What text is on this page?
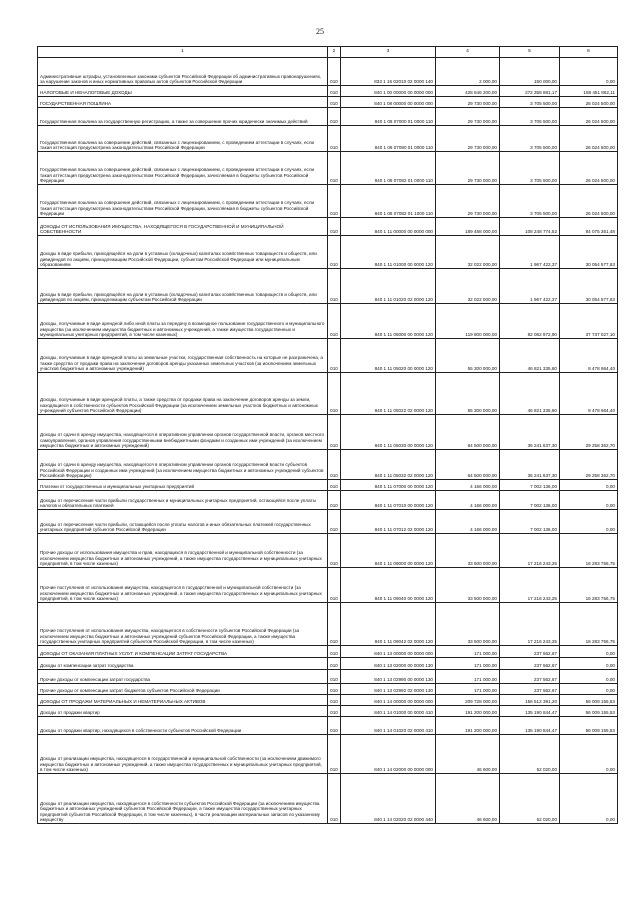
25
1	2	3	4	5	6
Административные штрафы, установленные законами субъектов Российской Федерации об административных правонарушениях, за нарушение законов и иных нормативных правовых актов субъектов Российской Федерации	010	833 1 16 02010 02 0000 140	2 000,00	150 000,00	0,00
НАЛОГОВЫЕ И НЕНАЛОГОВЫЕ ДОХОДЫ	010	840 1 00 00000 00 0000 000	428 646 200,00	272 358 881,17	168 451 862,11
ГОСУДАРСТВЕННАЯ ПОШЛИНА	010	840 1 08 00000 00 0000 000	29 730 000,00	3 705 500,00	26 024 500,00
Государственная пошлина за государственную регистрацию, а также за совершение прочих юридически значимых действий	010	840 1 08 07000 01 0000 110	29 730 000,00	3 705 500,00	26 024 500,00
Государственная пошлина за совершение действий, связанных с лицензированием, с проведением аттестации в случаях, если такая аттестация предусмотрена законодательством Российской Федерации	010	840 1 08 07080 01 0000 110	29 730 000,00	3 705 500,00	26 024 500,00
Государственная пошлина за совершение действий, связанных с лицензированием, с проведением аттестации в случаях, если такая аттестация предусмотрена законодательством Российской Федерации, зачисляемая в бюджеты субъектов Российской Федерации	010	840 1 08 07082 01 0000 110	29 730 000,00	3 705 500,00	26 024 500,00
Государственная пошлина за совершение действий, связанных с лицензированием, с проведением аттестации в случаях, если такая аттестация предусмотрена законодательством Российской Федерации, зачисляемая в бюджеты субъектов Российской Федерации	010	840 1 08 07082 01 1000 110	29 730 000,00	3 705 500,00	26 024 500,00
ДОХОДЫ ОТ ИСПОЛЬЗОВАНИЯ ИМУЩЕСТВА, НАХОДЯЩЕГОСЯ В ГОСУДАРСТВЕННОЙ И МУНИЦИПАЛЬНОЙ СОБСТВЕННОСТИ	010	840 1 11 00000 00 0000 000	189 488 000,00	108 248 774,52	84 075 361,48
Доходы в виде прибыли, приходящейся на доли в уставных (складочных) капиталах хозяйственных товариществ и обществ, или дивидендов по акциям, принадлежащим Российской Федерации, субъектам Российской Федерации или муниципальным образованиям	010	840 1 11 01000 00 0000 120	32 022 000,00	1 967 422,37	30 054 577,63
Доходы в виде прибыли, приходящейся на доли в уставных (складочных) капиталах хозяйственных товариществ и обществ, или дивидендов по акциям, принадлежащим субъектам Российской Федерации	010	840 1 11 01020 02 0000 120	32 022 000,00	1 967 422,37	30 054 577,63
Доходы, получаемые в виде арендной либо иной платы за передачу в возмездное пользование государственного и муниципального имущества (за исключением имущества бюджетных и автономных учреждений, а также имущества государственных и муниципальных унитарных предприятий, в том числе казенных)	010	840 1 11 05000 00 0000 120	119 800 000,00	82 062 972,90	37 737 027,10
Доходы, получаемые в виде арендной платы за земельные участки, государственная собственность на которые не разграничена, а также средства от продажи права на заключение договоров аренды указанных земельных участков (за исключением земельных участков бюджетных и автономных учреждений)	010	840 1 11 05020 00 0000 120	55 300 000,00	46 821 335,60	8 478 664,40
Доходы, получаемые в виде арендной платы, а также средства от продажи права на заключение договоров аренды за земли, находящиеся в собственности субъектов Российской Федерации (за исключением земельных участков бюджетных и автономных учреждений субъектов Российской Федерации)	010	840 1 11 05022 02 0000 120	55 300 000,00	46 821 335,60	8 478 664,40
Доходы от сдачи в аренду имущества, находящегося в оперативном управлении органов государственной власти, органов местного самоуправления, органов управления государственными внебюджетными фондами и созданных ими учреждений (за исключением имущества бюджетных и автономных учреждений)	010	840 1 11 05030 00 0000 120	64 500 000,00	35 241 637,30	29 258 362,70
Доходы от сдачи в аренду имущества, находящегося в оперативном управлении органов государственной власти субъектов Российской Федерации и созданных ими учреждений (за исключением имущества бюджетных и автономных учреждений субъектов Российской Федерации)	010	840 1 11 05032 02 0000 120	64 500 000,00	35 241 637,30	29 258 362,70
Платежи от государственных и муниципальных унитарных предприятий	010	840 1 11 07000 00 0000 120	4 166 000,00	7 002 136,00	0,00
Доходы от перечисления части прибыли государственных и муниципальных унитарных предприятий, остающейся после уплаты налогов и обязательных платежей	010	840 1 11 07010 00 0000 120	4 166 000,00	7 002 136,00	0,00
Доходы от перечисления части прибыли, остающейся после уплаты налогов и иных обязательных платежей государственных унитарных предприятий субъектов Российской Федерации	010	840 1 11 07012 02 0000 120	4 166 000,00	7 002 136,00	0,00
Прочие доходы от использования имущества и прав, находящихся в государственной и муниципальной собственности (за исключением имущества бюджетных и автономных учреждений, а также имущества государственных и муниципальных унитарных предприятий, в том числе казенных)	010	840 1 11 09000 00 0000 120	33 500 000,00	17 216 243,25	16 283 756,75
Прочие поступления от использования имущества, находящегося в государственной и муниципальной собственности (за исключением имущества бюджетных и автономных учреждений, а также имущества государственных и муниципальных унитарных предприятий, в том числе казенных)	010	840 1 11 09040 00 0000 120	33 500 000,00	17 216 243,25	16 283 756,75
Прочие поступления от использования имущества, находящегося в собственности субъектов Российской Федерации (за исключением имущества бюджетных и автономных учреждений субъектов Российской Федерации, а также имущества государственных унитарных предприятий субъектов Российской Федерации, в том числе казенных)	010	840 1 11 09042 02 0000 120	33 500 000,00	17 216 243,25	16 283 756,75
ДОХОДЫ ОТ ОКАЗАНИЯ ПЛАТНЫХ УСЛУГ И КОМПЕНСАЦИИ ЗАТРАТ ГОСУДАРСТВА	010	840 1 13 00000 00 0000 000	171 000,00	237 562,67	0,00
Доходы от компенсации затрат государства	010	840 1 13 02000 00 0000 130	171 000,00	237 562,67	0,00
Прочие доходы от компенсации затрат государства	010	840 1 13 02990 00 0000 130	171 000,00	237 562,67	0,00
Прочие доходы от компенсации затрат бюджетов субъектов Российской Федерации	010	840 1 13 02992 02 0000 130	171 000,00	237 562,67	0,00
ДОХОДЫ ОТ ПРОДАЖИ МАТЕРИАЛЬНЫХ И НЕМАТЕРИАЛЬНЫХ АКТИВОВ	010	840 1 14 00000 00 0000 000	209 728 000,00	156 512 391,20	56 009 155,53
Доходы от продажи квартир	010	840 1 14 01000 00 0000 410	191 200 000,00	135 190 844,47	56 009 155,53
Доходы от продажи квартир, находящихся в собственности субъектов Российской Федерации	010	840 1 14 01020 02 0000 410	191 200 000,00	135 190 844,47	56 009 155,53
Доходы от реализации имущества, находящегося в государственной и муниципальной собственности (за исключением движимого имущества бюджетных и автономных учреждений, а также имущества государственных и муниципальных унитарных предприятий, в том числе казенных)	010	840 1 14 02000 00 0000 000	46 600,00	52 020,00	0,00
Доходы от реализации имущества, находящегося в собственности субъектов Российской Федерации (за исключением имущества бюджетных и автономных учреждений субъектов Российской Федерации, а также имущества государственных унитарных предприятий субъектов Российской Федерации, в том числе казенных), в части реализации материальных запасов по указанному имуществу	010	840 1 14 02020 02 0000 440	46 600,00	52 020,00	0,00
